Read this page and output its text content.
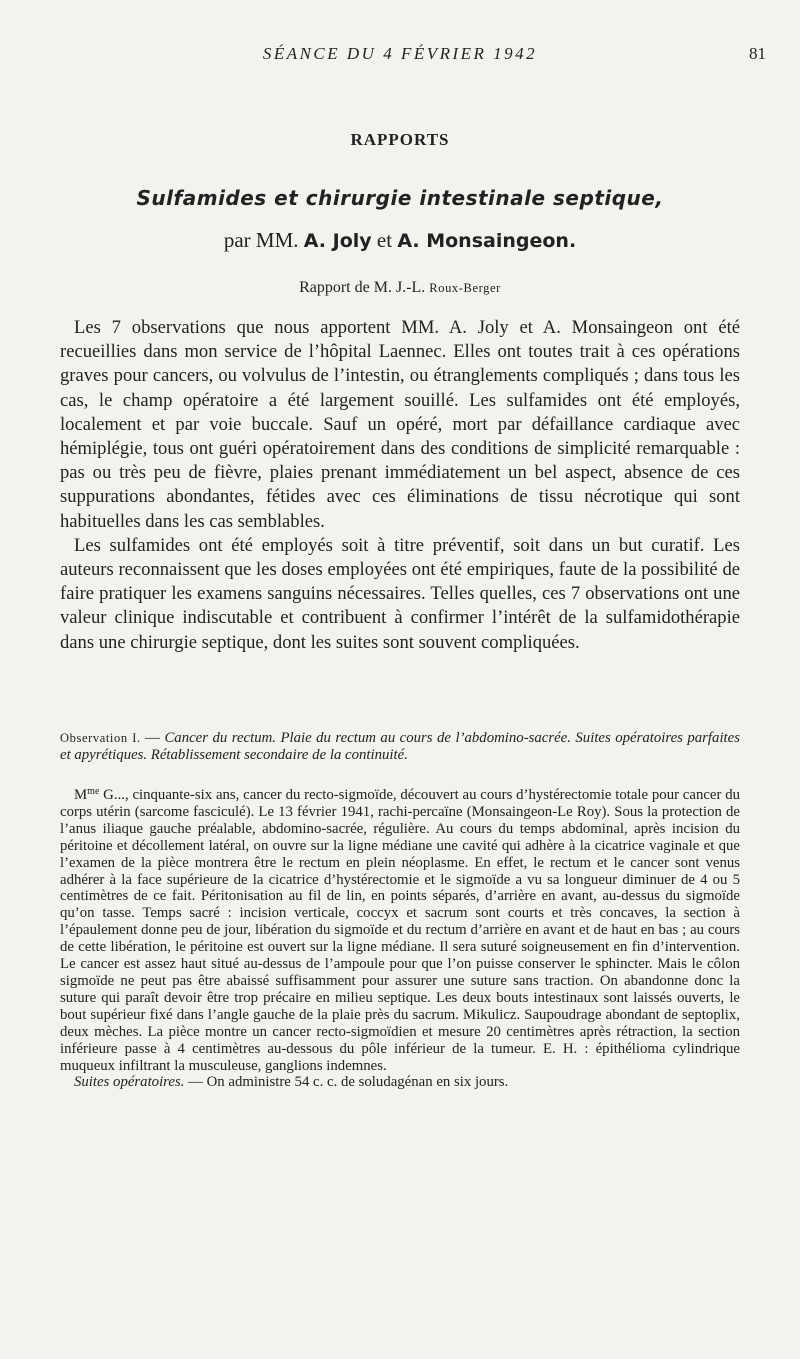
SÉANCE DU 4 FÉVRIER 1942	81
RAPPORTS
Sulfamides et chirurgie intestinale septique,
par MM. A. Joly et A. Monsaingeon.
Rapport de M. J.-L. Roux-Berger

Les 7 observations que nous apportent MM. A. Joly et A. Monsaingeon ont été recueillies dans mon service de l’hôpital Laennec. Elles ont toutes trait à ces opérations graves pour cancers, ou volvulus de l’intestin, ou étranglements compliqués ; dans tous les cas, le champ opératoire a été largement souillé. Les sulfamides ont été employés, localement et par voie buccale. Sauf un opéré, mort par défaillance cardiaque avec hémiplégie, tous ont guéri opératoirement dans des conditions de simplicité remarquable : pas ou très peu de fièvre, plaies prenant immédiatement un bel aspect, absence de ces suppurations abondantes, fétides avec ces éliminations de tissu nécrotique qui sont habituelles dans les cas semblables.

Les sulfamides ont été employés soit à titre préventif, soit dans un but curatif. Les auteurs reconnaissent que les doses employées ont été empiriques, faute de la possibilité de faire pratiquer les examens sanguins nécessaires. Telles quelles, ces 7 observations ont une valeur clinique indiscutable et contribuent à confirmer l’intérêt de la sulfamidothérapie dans une chirurgie septique, dont les suites sont souvent compliquées.

Observation I. — Cancer du rectum. Plaie du rectum au cours de l’abdomino-sacrée. Suites opératoires parfaites et apyrétiques. Rétablissement secondaire de la continuité.

$M^{me}$ G..., cinquante-six ans, cancer du recto-sigmoïde, découvert au cours d’hystérectomie totale pour cancer du corps utérin (sarcome fasciculé). Le 13 février 1941, rachi-percaïne (Monsaingeon-Le Roy). Sous la protection de l’anus iliaque gauche préalable, abdomino-sacrée, régulière. Au cours du temps abdominal, après incision du péritoine et décollement latéral, on ouvre sur la ligne médiane une cavité qui adhère à la cicatrice vaginale et que l’examen de la pièce montrera être le rectum en plein néoplasme. En effet, le rectum et le cancer sont venus adhérer à la face supérieure de la cicatrice d’hystérectomie et le sigmoïde a vu sa longueur diminuer de 4 ou 5 centimètres de ce fait. Péritonisation au fil de lin, en points séparés, d’arrière en avant, au-dessus du sigmoïde qu’on tasse. Temps sacré : incision verticale, coccyx et sacrum sont courts et très concaves, la section à l’épaulement donne peu de jour, libération du sigmoïde et du rectum d’arrière en avant et de haut en bas ; au cours de cette libération, le péritoine est ouvert sur la ligne médiane. Il sera suturé soigneusement en fin d’intervention. Le cancer est assez haut situé au-dessus de l’ampoule pour que l’on puisse conserver le sphincter. Mais le côlon sigmoïde ne peut pas être abaissé suffisamment pour assurer une suture sans traction. On abandonne donc la suture qui paraît devoir être trop précaire en milieu septique. Les deux bouts intestinaux sont laissés ouverts, le bout supérieur fixé dans l’angle gauche de la plaie près du sacrum. Mikulicz. Saupoudrage abondant de septoplix, deux mèches. La pièce montre un cancer recto-sigmoïdien et mesure 20 centimètres après rétraction, la section inférieure passe à 4 centimètres au-dessous du pôle inférieur de la tumeur. E. H. : épithélioma cylindrique muqueux infiltrant la musculeuse, ganglions indemnes.

Suites opératoires. — On administre 54 c. c. de soludagénan en six jours.
